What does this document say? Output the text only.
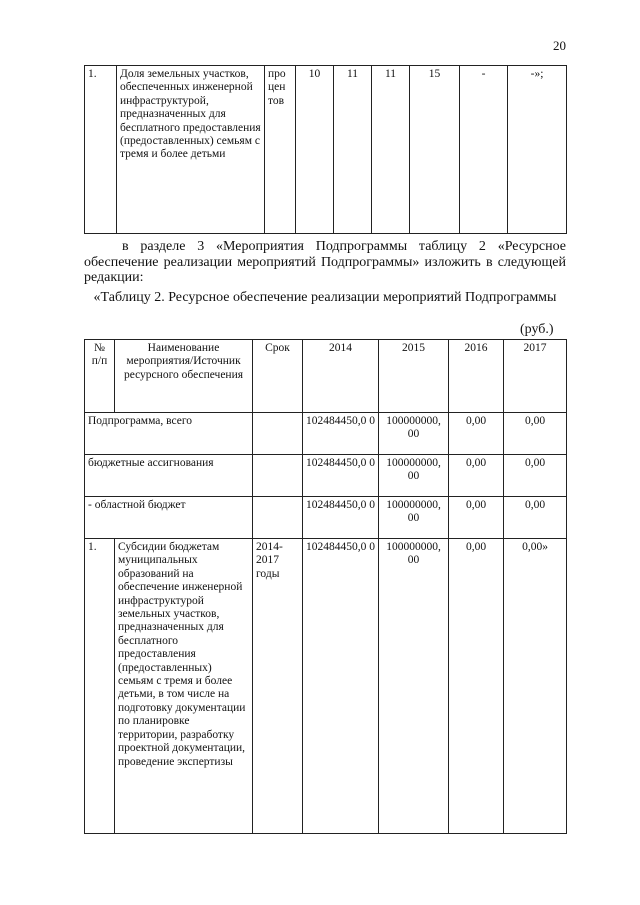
20
1.	Доля земельных участков, обеспеченных инженерной инфраструктурой, предназначенных для бесплатного предоставления (предоставленных) семьям с тремя и более детьми	про цен тов	10	11	11	15	-	-»;
в разделе 3 «Мероприятия Подпрограммы таблицу 2 «Ресурсное обеспечение реализации мероприятий Подпрограммы» изложить в следующей редакции:
«Таблицу 2. Ресурсное обеспечение реализации мероприятий Подпрограммы
(руб.)
№ п/п	Наименование мероприятия/Источник ресурсного обеспечения	Срок	2014	2015	2016	2017
Подпрограмма, всего			102484450,0 0	100000000, 00	0,00	0,00
бюджетные ассигнования			102484450,0 0	100000000, 00	0,00	0,00
- областной бюджет			102484450,0 0	100000000, 00	0,00	0,00
1.	Субсидии бюджетам муниципальных образований на обеспечение инженерной инфраструктурой земельных участков, предназначенных для бесплатного предоставления (предоставленных) семьям с тремя и более детьми, в том числе на подготовку документации по планировке территории, разработку проектной документации, проведение экспертизы	2014-2017 годы	102484450,0 0	100000000, 00	0,00	0,00»
